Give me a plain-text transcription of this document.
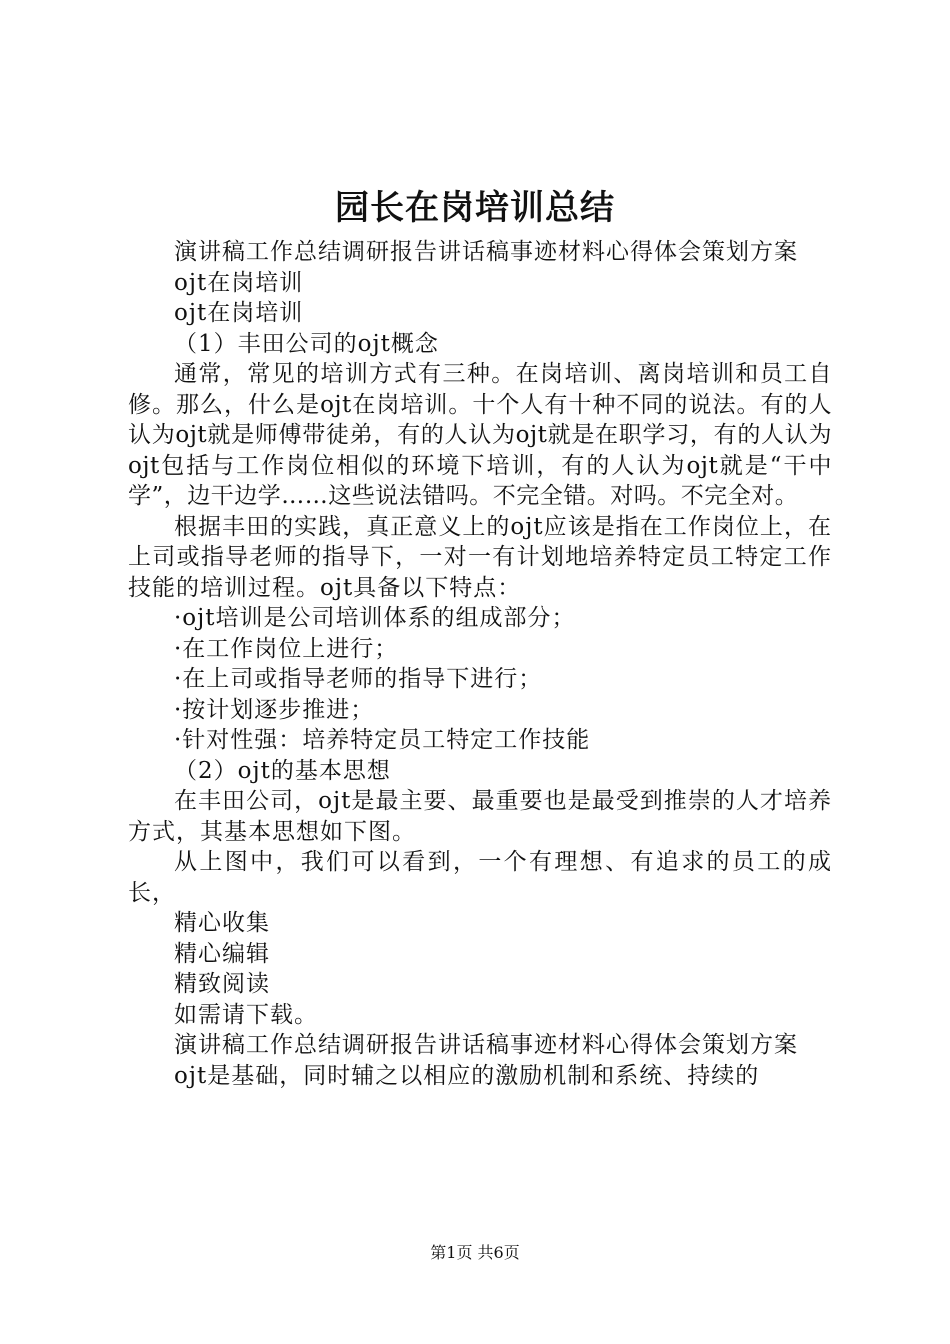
园长在岗培训总结

演讲稿工作总结调研报告讲话稿事迹材料心得体会策划方案

ojt在岗培训

ojt在岗培训

（1）丰田公司的ojt概念

通常，常见的培训方式有三种。在岗培训、离岗培训和员工自修。那么，什么是ojt在岗培训。十个人有十种不同的说法。有的人认为ojt就是师傅带徒弟，有的人认为ojt就是在职学习，有的人认为ojt包括与工作岗位相似的环境下培训，有的人认为ojt就是“干中学”，边干边学……这些说法错吗。不完全错。对吗。不完全对。

根据丰田的实践，真正意义上的ojt应该是指在工作岗位上，在上司或指导老师的指导下，一对一有计划地培养特定员工特定工作技能的培训过程。ojt具备以下特点：

·ojt培训是公司培训体系的组成部分；

·在工作岗位上进行；

·在上司或指导老师的指导下进行；

·按计划逐步推进；

·针对性强：培养特定员工特定工作技能

（2）ojt的基本思想

在丰田公司，ojt是最主要、最重要也是最受到推崇的人才培养方式，其基本思想如下图。

从上图中，我们可以看到，一个有理想、有追求的员工的成长，

精心收集

精心编辑

精致阅读

如需请下载。

演讲稿工作总结调研报告讲话稿事迹材料心得体会策划方案

ojt是基础，同时辅之以相应的激励机制和系统、持续的

第1页 共6页
